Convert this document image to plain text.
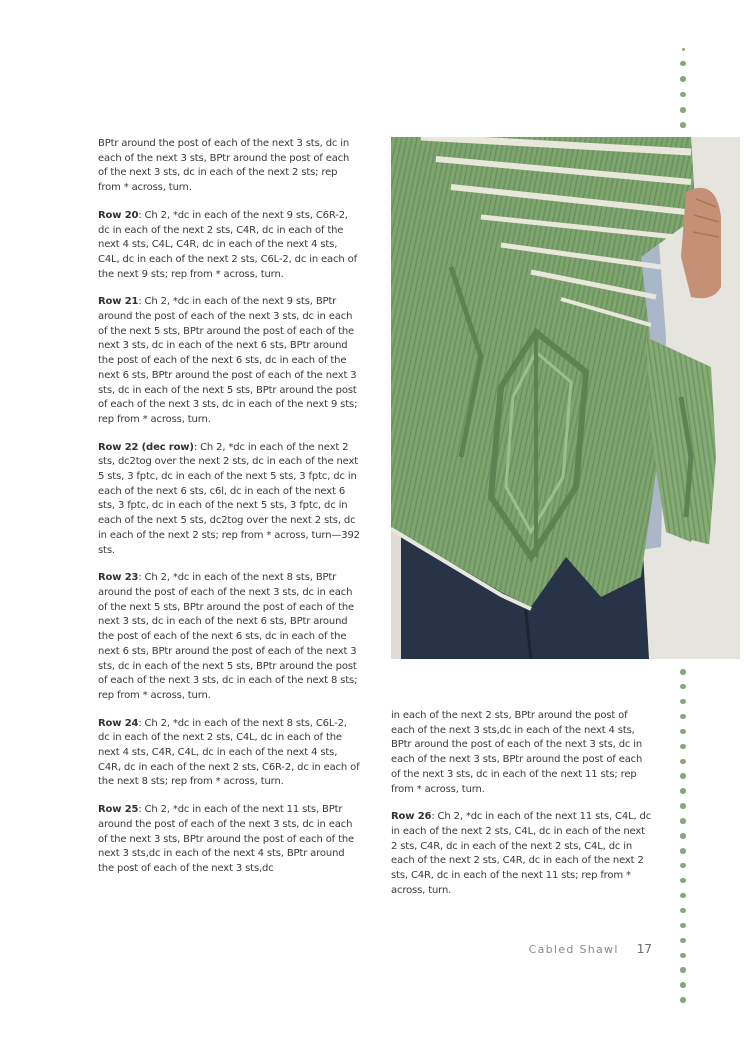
BPtr around the post of each of the next 3 sts, dc in each of the next 3 sts, BPtr around the post of each of the next 3 sts, dc in each of the next 2 sts; rep from * across, turn.

Row 20: Ch 2, *dc in each of the next 9 sts, C6R-2, dc in each of the next 2 sts, C4R, dc in each of the next 4 sts, C4L, C4R, dc in each of the next 4 sts, C4L, dc in each of the next 2 sts, C6L-2, dc in each of the next 9 sts; rep from * across, turn.

Row 21: Ch 2, *dc in each of the next 9 sts, BPtr around the post of each of the next 3 sts, dc in each of the next 5 sts, BPtr around the post of each of the next 3 sts, dc in each of the next 6 sts, BPtr around the post of each of the next 6 sts, dc in each of the next 6 sts, BPtr around the post of each of the next 3 sts, dc in each of the next 5 sts, BPtr around the post of each of the next 3 sts, dc in each of the next 9 sts; rep from * across, turn.

Row 22 (dec row): Ch 2, *dc in each of the next 2 sts, dc2tog over the next 2 sts, dc in each of the next 5 sts, 3 fptc, dc in each of the next 5 sts, 3 fptc, dc in each of the next 6 sts, c6l, dc in each of the next 6 sts, 3 fptc, dc in each of the next 5 sts, 3 fptc, dc in each of the next 5 sts, dc2tog over the next 2 sts, dc in each of the next 2 sts; rep from * across, turn—392 sts.

Row 23: Ch 2, *dc in each of the next 8 sts, BPtr around the post of each of the next 3 sts, dc in each of the next 5 sts, BPtr around the post of each of the next 3 sts, dc in each of the next 6 sts, BPtr around the post of each of the next 6 sts, dc in each of the next 6 sts, BPtr around the post of each of the next 3 sts, dc in each of the next 5 sts, BPtr around the post of each of the next 3 sts, dc in each of the next 8 sts; rep from * across, turn.

Row 24: Ch 2, *dc in each of the next 8 sts, C6L-2, dc in each of the next 2 sts, C4L, dc in each of the next 4 sts, C4R, C4L, dc in each of the next 4 sts, C4R, dc in each of the next 2 sts, C6R-2, dc in each of the next 8 sts; rep from * across, turn.

Row 25: Ch 2, *dc in each of the next 11 sts, BPtr around the post of each of the next 3 sts, dc in each of the next 3 sts, BPtr around the post of each of the next 3 sts,dc in each of the next 4 sts, BPtr around the post of each of the next 3 sts,dc

in each of the next 2 sts, BPtr around the post of each of the next 3 sts,dc in each of the next 4 sts, BPtr around the post of each of the next 3 sts, dc in each of the next 3 sts, BPtr around the post of each of the next 3 sts, dc in each of the next 11 sts; rep from * across, turn.

Row 26: Ch 2, *dc in each of the next 11 sts, C4L, dc in each of the next 2 sts, C4L, dc in each of the next 2 sts, C4R, dc in each of the next 2 sts, C4L, dc in each of the next 2 sts, C4R, dc in each of the next 2 sts, C4R, dc in each of the next 11 sts; rep from * across, turn.

Cabled Shawl 17
